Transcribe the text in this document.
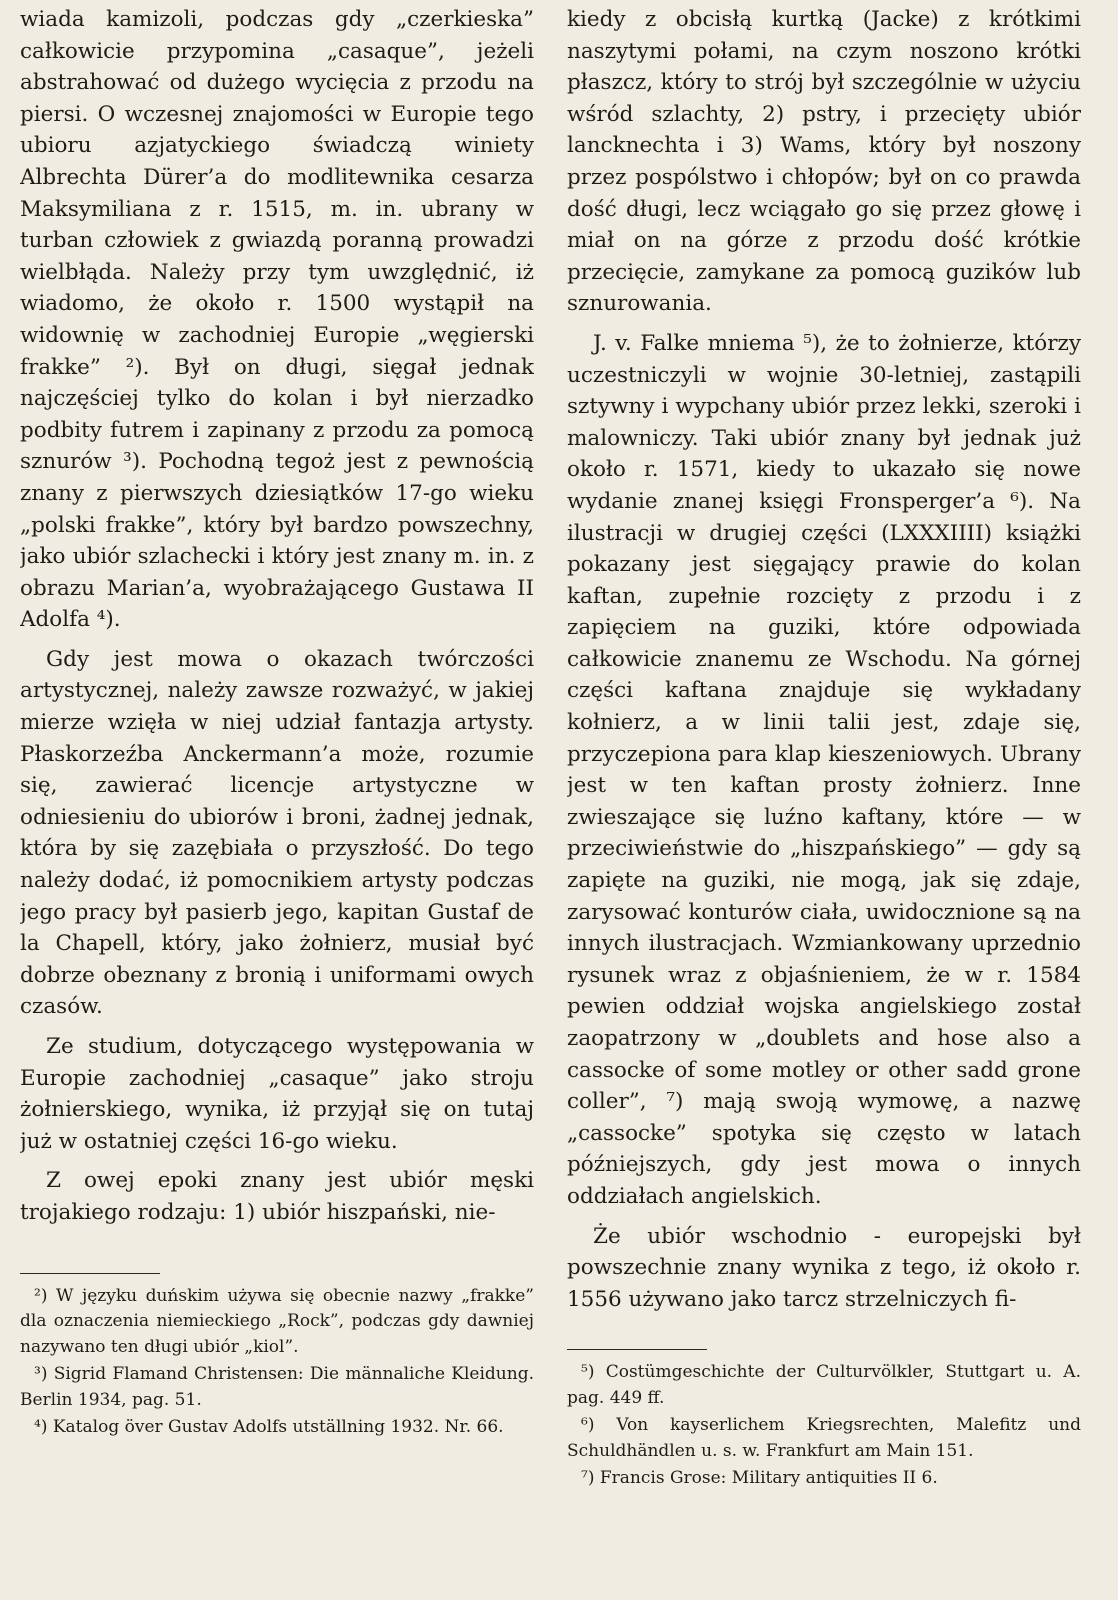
wiada kamizoli, podczas gdy „czerkieska” całkowicie przypomina „casaque”, jeżeli abstrahować od dużego wycięcia z przodu na piersi. O wczesnej znajomości w Europie tego ubioru azjatyckiego świadczą winiety Albrechta Dürer’a do modlitewnika cesarza Maksymiliana z r. 1515, m. in. ubrany w turban człowiek z gwiazdą poranną prowadzi wielbłąda. Należy przy tym uwzględnić, iż wiadomo, że około r. 1500 wystąpił na widownię w zachodniej Europie „węgierski frakke” ²). Był on długi, sięgał jednak najczęściej tylko do kolan i był nierzadko podbity futrem i zapinany z przodu za pomocą sznurów ³). Pochodną tegoż jest z pewnością znany z pierwszych dziesiątków 17-go wieku „polski frakke”, który był bardzo powszechny, jako ubiór szlachecki i który jest znany m. in. z obrazu Marian’a, wyobrażającego Gustawa II Adolfa ⁴).

Gdy jest mowa o okazach twórczości artystycznej, należy zawsze rozważyć, w jakiej mierze wzięła w niej udział fantazja artysty. Płaskorzeźba Anckermann’a może, rozumie się, zawierać licencje artystyczne w odniesieniu do ubiorów i broni, żadnej jednak, która by się zazębiała o przyszłość. Do tego należy dodać, iż pomocnikiem artysty podczas jego pracy był pasierb jego, kapitan Gustaf de la Chapell, który, jako żołnierz, musiał być dobrze obeznany z bronią i uniformami owych czasów.

Ze studium, dotyczącego występowania w Europie zachodniej „casaque” jako stroju żołnierskiego, wynika, iż przyjął się on tutaj już w ostatniej części 16-go wieku.

Z owej epoki znany jest ubiór męski trojakiego rodzaju: 1) ubiór hiszpański, nie-

²) W języku duńskim używa się obecnie nazwy „frakke” dla oznaczenia niemieckiego „Rock”, podczas gdy dawniej nazywano ten długi ubiór „kiol”.

³) Sigrid Flamand Christensen: Die männaliche Kleidung. Berlin 1934, pag. 51.

⁴) Katalog över Gustav Adolfs utställning 1932. Nr. 66.

kiedy z obcisłą kurtką (Jacke) z krótkimi naszytymi połami, na czym noszono krótki płaszcz, który to strój był szczególnie w użyciu wśród szlachty, 2) pstry, i przecięty ubiór lancknechta i 3) Wams, który był noszony przez pospólstwo i chłopów; był on co prawda dość długi, lecz wciągało go się przez głowę i miał on na górze z przodu dość krótkie przecięcie, zamykane za pomocą guzików lub sznurowania.

J. v. Falke mniema ⁵), że to żołnierze, którzy uczestniczyli w wojnie 30-letniej, zastąpili sztywny i wypchany ubiór przez lekki, szeroki i malowniczy. Taki ubiór znany był jednak już około r. 1571, kiedy to ukazało się nowe wydanie znanej księgi Fronsperger’a ⁶). Na ilustracji w drugiej części (LXXXIIII) książki pokazany jest sięgający prawie do kolan kaftan, zupełnie rozcięty z przodu i z zapięciem na guziki, które odpowiada całkowicie znanemu ze Wschodu. Na górnej części kaftana znajduje się wykładany kołnierz, a w linii talii jest, zdaje się, przyczepiona para klap kieszeniowych. Ubrany jest w ten kaftan prosty żołnierz. Inne zwieszające się luźno kaftany, które — w przeciwieństwie do „hiszpańskiego” — gdy są zapięte na guziki, nie mogą, jak się zdaje, zarysować konturów ciała, uwidocznione są na innych ilustracjach. Wzmiankowany uprzednio rysunek wraz z objaśnieniem, że w r. 1584 pewien oddział wojska angielskiego został zaopatrzony w „doublets and hose also a cassocke of some motley or other sadd grone coller”, ⁷) mają swoją wymowę, a nazwę „cassocke” spotyka się często w latach późniejszych, gdy jest mowa o innych oddziałach angielskich.

Że ubiór wschodnio - europejski był powszechnie znany wynika z tego, iż około r. 1556 używano jako tarcz strzelniczych fi-

⁵) Costümgeschichte der Culturvölkler, Stuttgart u. A. pag. 449 ff.

⁶) Von kayserlichem Kriegsrechten, Malefitz und Schuldhändlen u. s. w. Frankfurt am Main 151.

⁷) Francis Grose: Military antiquities II 6.
